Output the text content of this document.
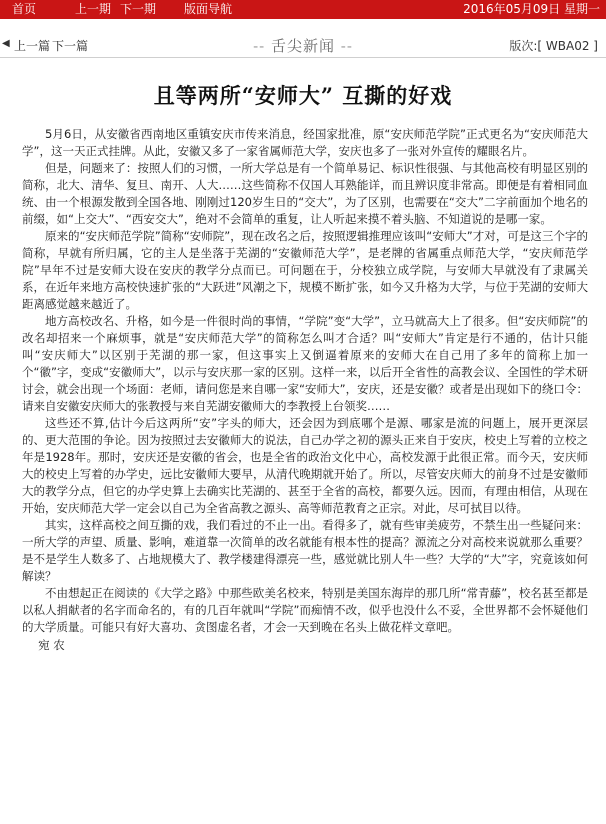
首页	上一期 下一期 版面导航	2016年05月09日 星期一
◀ 上一篇 下一篇	-- 舌尖新闻 --	版次:[ WBA02 ]
且等两所“安师大” 互撕的好戏

5月6日，从安徽省西南地区重镇安庆市传来消息，经国家批准，原“安庆师范学院”正式更名为“安庆师范大学”，这一天正式挂牌。从此，安徽又多了一家省属师范大学，安庆也多了一张对外宣传的耀眼名片。

但是，问题来了：按照人们的习惯，一所大学总是有一个简单易记、标识性很强、与其他高校有明显区别的简称，北大、清华、复旦、南开、人大……这些简称不仅国人耳熟能详，而且辨识度非常高。即便是有着相同血统、由一个根源发散到全国各地、刚刚过120岁生日的“交大”，为了区别，也需要在“交大”二字前面加个地名的前缀，如“上交大”、“西安交大”，绝对不会简单的重复，让人听起来摸不着头脑、不知道说的是哪一家。

原来的“安庆师范学院”简称“安师院”，现在改名之后，按照逻辑推理应该叫“安师大”才对，可是这三个字的简称，早就有所归属，它的主人是坐落于芜湖的“安徽师范大学”，是老牌的省属重点师范大学，“安庆师范学院”早年不过是安师大设在安庆的教学分点而已。可问题在于，分校独立成学院，与安师大早就没有了隶属关系，在近年来地方高校快速扩张的“大跃进”风潮之下，规模不断扩张，如今又升格为大学，与位于芜湖的安师大距离感觉越来越近了。

地方高校改名、升格，如今是一件很时尚的事情，“学院”变“大学”，立马就高大上了很多。但“安庆师院”的改名却招来一个麻烦事，就是“安庆师范大学”的简称怎么叫才合适？叫“安师大”肯定是行不通的，估计只能叫“安庆师大”以区别于芜湖的那一家，但这事实上又倒逼着原来的安师大在自己用了多年的简称上加一个“徽”字，变成“安徽师大”，以示与安庆那一家的区别。这样一来，以后开全省性的高教会议、全国性的学术研讨会，就会出现一个场面：老师，请问您是来自哪一家“安师大”，安庆，还是安徽？或者是出现如下的绕口令：请来自安徽安庆师大的张教授与来自芜湖安徽师大的李教授上台领奖……

这些还不算,估计今后这两所“安”字头的师大，还会因为到底哪个是源、哪家是流的问题上，展开更深层的、更大范围的争论。因为按照过去安徽师大的说法，自己办学之初的源头正来自于安庆，校史上写着的立校之年是1928年。那时，安庆还是安徽的省会，也是全省的政治文化中心，高校发源于此很正常。而今天，安庆师大的校史上写着的办学史，远比安徽师大要早，从清代晚期就开始了。所以，尽管安庆师大的前身不过是安徽师大的教学分点，但它的办学史算上去确实比芜湖的、甚至于全省的高校，都要久远。因而，有理由相信，从现在开始，安庆师范大学一定会以自己为全省高教之源头、高等师范教育之正宗。对此，尽可拭目以待。

其实，这样高校之间互撕的戏，我们看过的不止一出。看得多了，就有些审美疲劳，不禁生出一些疑问来：一所大学的声望、质量、影响，难道靠一次简单的改名就能有根本性的提高？源流之分对高校来说就那么重要？是不是学生人数多了、占地规模大了、教学楼建得漂亮一些，感觉就比别人牛一些？大学的“大”字，究竟该如何解读？

不由想起正在阅读的《大学之路》中那些欧美名校来，特别是美国东海岸的那几所“常青藤”，校名甚至都是以私人捐献者的名字而命名的，有的几百年就叫“学院”而痴情不改，似乎也没什么不妥，全世界都不会怀疑他们的大学质量。可能只有好大喜功、贪图虚名者，才会一天到晚在名头上做花样文章吧。

宛 农
